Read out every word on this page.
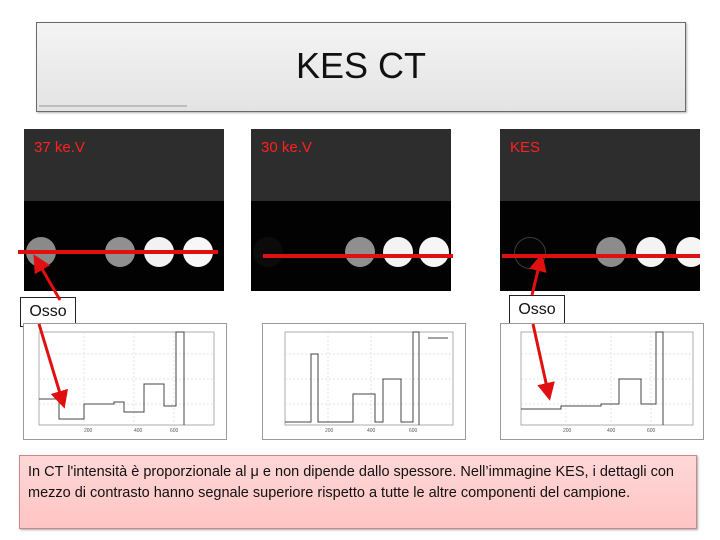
KES CT
37 ke.V
-
30 ke.V
=
KES
Osso	Osso
200	400	600	200	400	600	200	400	600
In CT l'intensità è proporzionale al μ e non dipende dallo spessore. Nell’immagine KES, i dettagli con mezzo di contrasto hanno segnale superiore rispetto a tutte le altre componenti del campione.
